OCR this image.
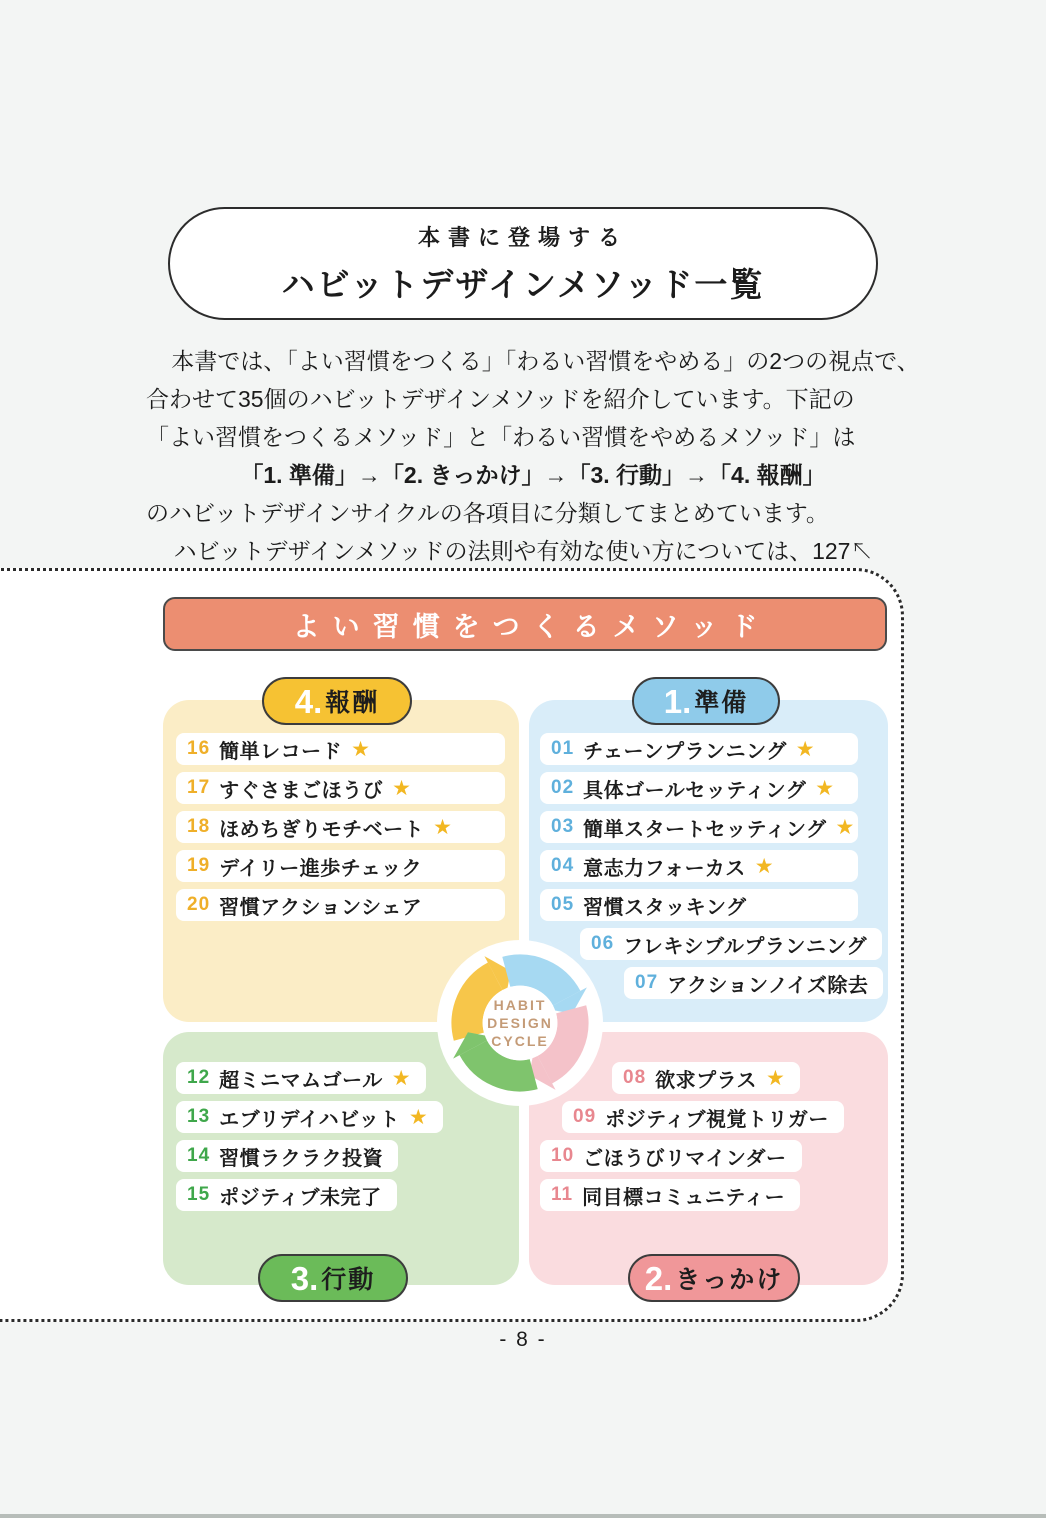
本書に登場する
ハビットデザインメソッド一覧
本書では、「よい習慣をつくる」「わるい習慣をやめる」の2つの視点で、
合わせて35個のハビットデザインメソッドを紹介しています。下記の
「よい習慣をつくるメソッド」と「わるい習慣をやめるメソッド」は
「1. 準備」→「2. きっかけ」→「3. 行動」→「4. 報酬」
のハビットデザインサイクルの各項目に分類してまとめています。
ハビットデザインメソッドの法則や有効な使い方については、127↖
よい習慣をつくるメソッド
16 簡単レコード ★
17 すぐさまごほうび ★
18 ほめちぎりモチベート ★
19 デイリー進歩チェック
20 習慣アクションシェア
01 チェーンプランニング ★
02 具体ゴールセッティング ★
03 簡単スタートセッティング ★
04 意志力フォーカス ★
05 習慣スタッキング
06 フレキシブルプランニング
07 アクションノイズ除去
12 超ミニマムゴール ★
13 エブリデイハビット ★
14 習慣ラクラク投資
15 ポジティブ未完了
08 欲求プラス ★
09 ポジティブ視覚トリガー
10 ごほうびリマインダー
11 同目標コミュニティー
4. 報酬	1. 準備
3. 行動	2. きっかけ
HABIT
DESIGN
CYCLE
- 8 -
